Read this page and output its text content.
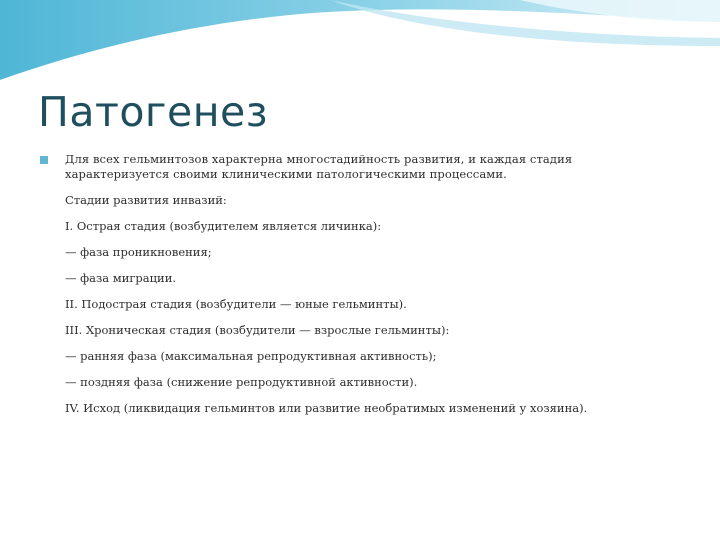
Патогенез

Для всех гельминтозов характерна многостадийность развития, и каждая стадия характеризуется своими клиническими патологическими процессами.

Стадии развития инвазий:

I. Острая стадия (возбудителем является личинка):

— фаза проникновения;

— фаза миграции.

II. Подострая стадия (возбудители — юные гельминты).

III. Хроническая стадия (возбудители — взрослые гельминты):

— ранняя фаза (максимальная репродуктивная активность);

— поздняя фаза (снижение репродуктивной активности).

IV. Исход (ликвидация гельминтов или развитие необратимых изменений у хозяина).
